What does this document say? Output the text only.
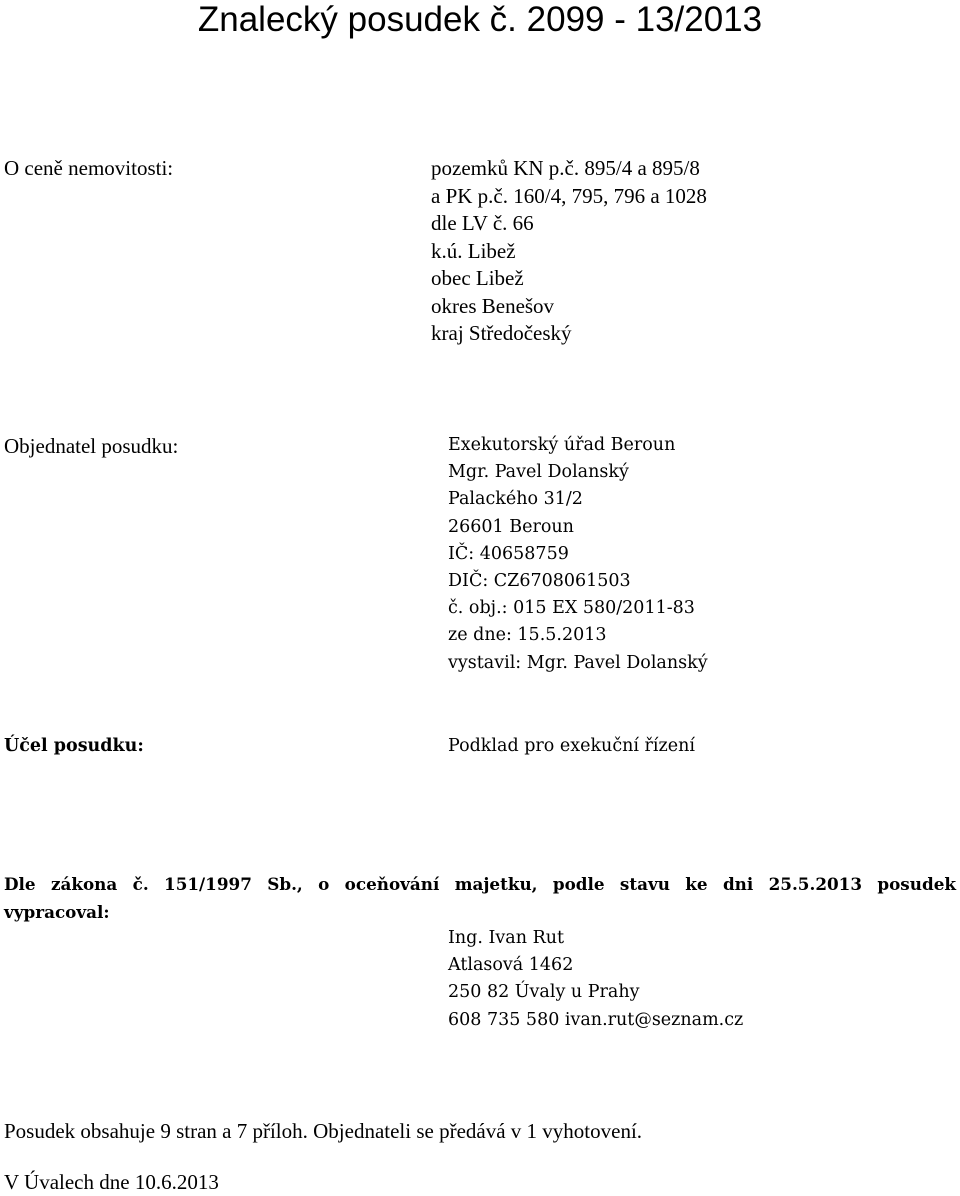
Znalecký posudek č. 2099 - 13/2013
O ceně nemovitosti:	pozemků KN p.č. 895/4 a 895/8
a PK p.č. 160/4, 795, 796 a 1028
dle LV č. 66
k.ú. Libež
obec Libež
okres Benešov
kraj Středočeský
Objednatel posudku:	Exekutorský úřad Beroun
Mgr. Pavel Dolanský
Palackého 31/2
26601 Beroun
IČ: 40658759
DIČ: CZ6708061503
č. obj.: 015 EX 580/2011-83
ze dne: 15.5.2013
vystavil: Mgr. Pavel Dolanský
Účel posudku:	Podklad pro exekuční řízení
Dle zákona č. 151/1997 Sb., o oceňování majetku, podle stavu ke dni 25.5.2013 posudek
vypracoval:
Ing. Ivan Rut
Atlasová 1462
250 82 Úvaly u Prahy
608 735 580 ivan.rut@seznam.cz
Posudek obsahuje 9 stran a 7 příloh. Objednateli se předává v 1 vyhotovení.
V Úvalech dne 10.6.2013
